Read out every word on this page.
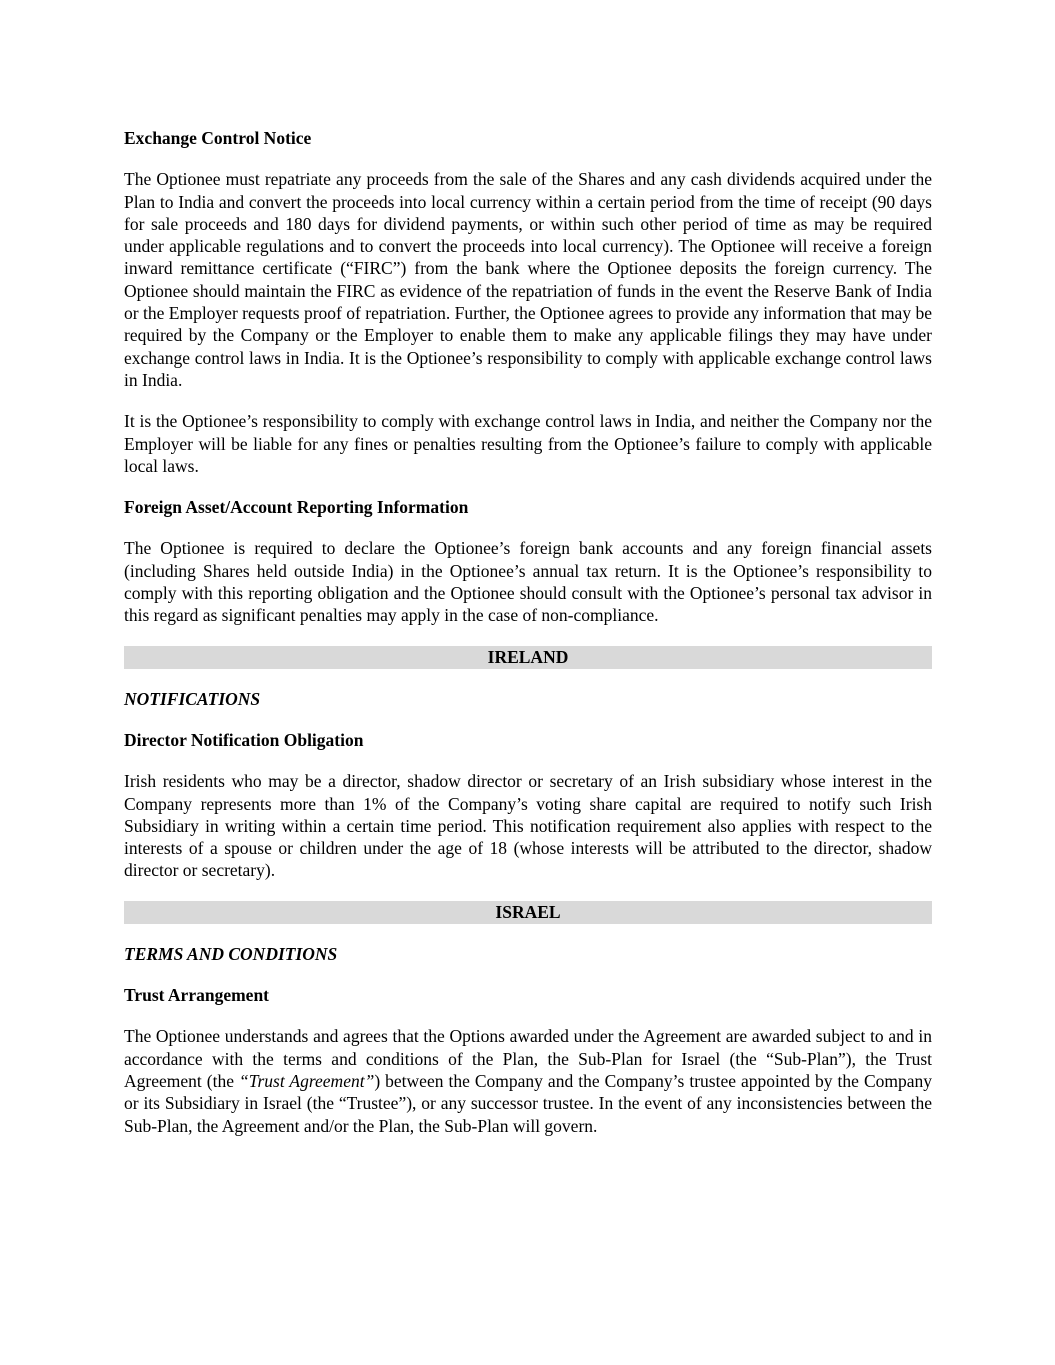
Exchange Control Notice

The Optionee must repatriate any proceeds from the sale of the Shares and any cash dividends acquired under the Plan to India and convert the proceeds into local currency within a certain period from the time of receipt (90 days for sale proceeds and 180 days for dividend payments, or within such other period of time as may be required under applicable regulations and to convert the proceeds into local currency). The Optionee will receive a foreign inward remittance certificate (“FIRC”) from the bank where the Optionee deposits the foreign currency. The Optionee should maintain the FIRC as evidence of the repatriation of funds in the event the Reserve Bank of India or the Employer requests proof of repatriation. Further, the Optionee agrees to provide any information that may be required by the Company or the Employer to enable them to make any applicable filings they may have under exchange control laws in India. It is the Optionee’s responsibility to comply with applicable exchange control laws in India.

It is the Optionee’s responsibility to comply with exchange control laws in India, and neither the Company nor the Employer will be liable for any fines or penalties resulting from the Optionee’s failure to comply with applicable local laws.

Foreign Asset/Account Reporting Information

The Optionee is required to declare the Optionee’s foreign bank accounts and any foreign financial assets (including Shares held outside India) in the Optionee’s annual tax return. It is the Optionee’s responsibility to comply with this reporting obligation and the Optionee should consult with the Optionee’s personal tax advisor in this regard as significant penalties may apply in the case of non-compliance.

IRELAND
NOTIFICATIONS
Director Notification Obligation

Irish residents who may be a director, shadow director or secretary of an Irish subsidiary whose interest in the Company represents more than 1% of the Company’s voting share capital are required to notify such Irish Subsidiary in writing within a certain time period. This notification requirement also applies with respect to the interests of a spouse or children under the age of 18 (whose interests will be attributed to the director, shadow director or secretary).

ISRAEL
TERMS AND CONDITIONS
Trust Arrangement

The Optionee understands and agrees that the Options awarded under the Agreement are awarded subject to and in accordance with the terms and conditions of the Plan, the Sub-Plan for Israel (the “Sub-Plan”), the Trust Agreement (the “Trust Agreement”) between the Company and the Company’s trustee appointed by the Company or its Subsidiary in Israel (the “Trustee”), or any successor trustee. In the event of any inconsistencies between the Sub-Plan, the Agreement and/or the Plan, the Sub-Plan will govern.
